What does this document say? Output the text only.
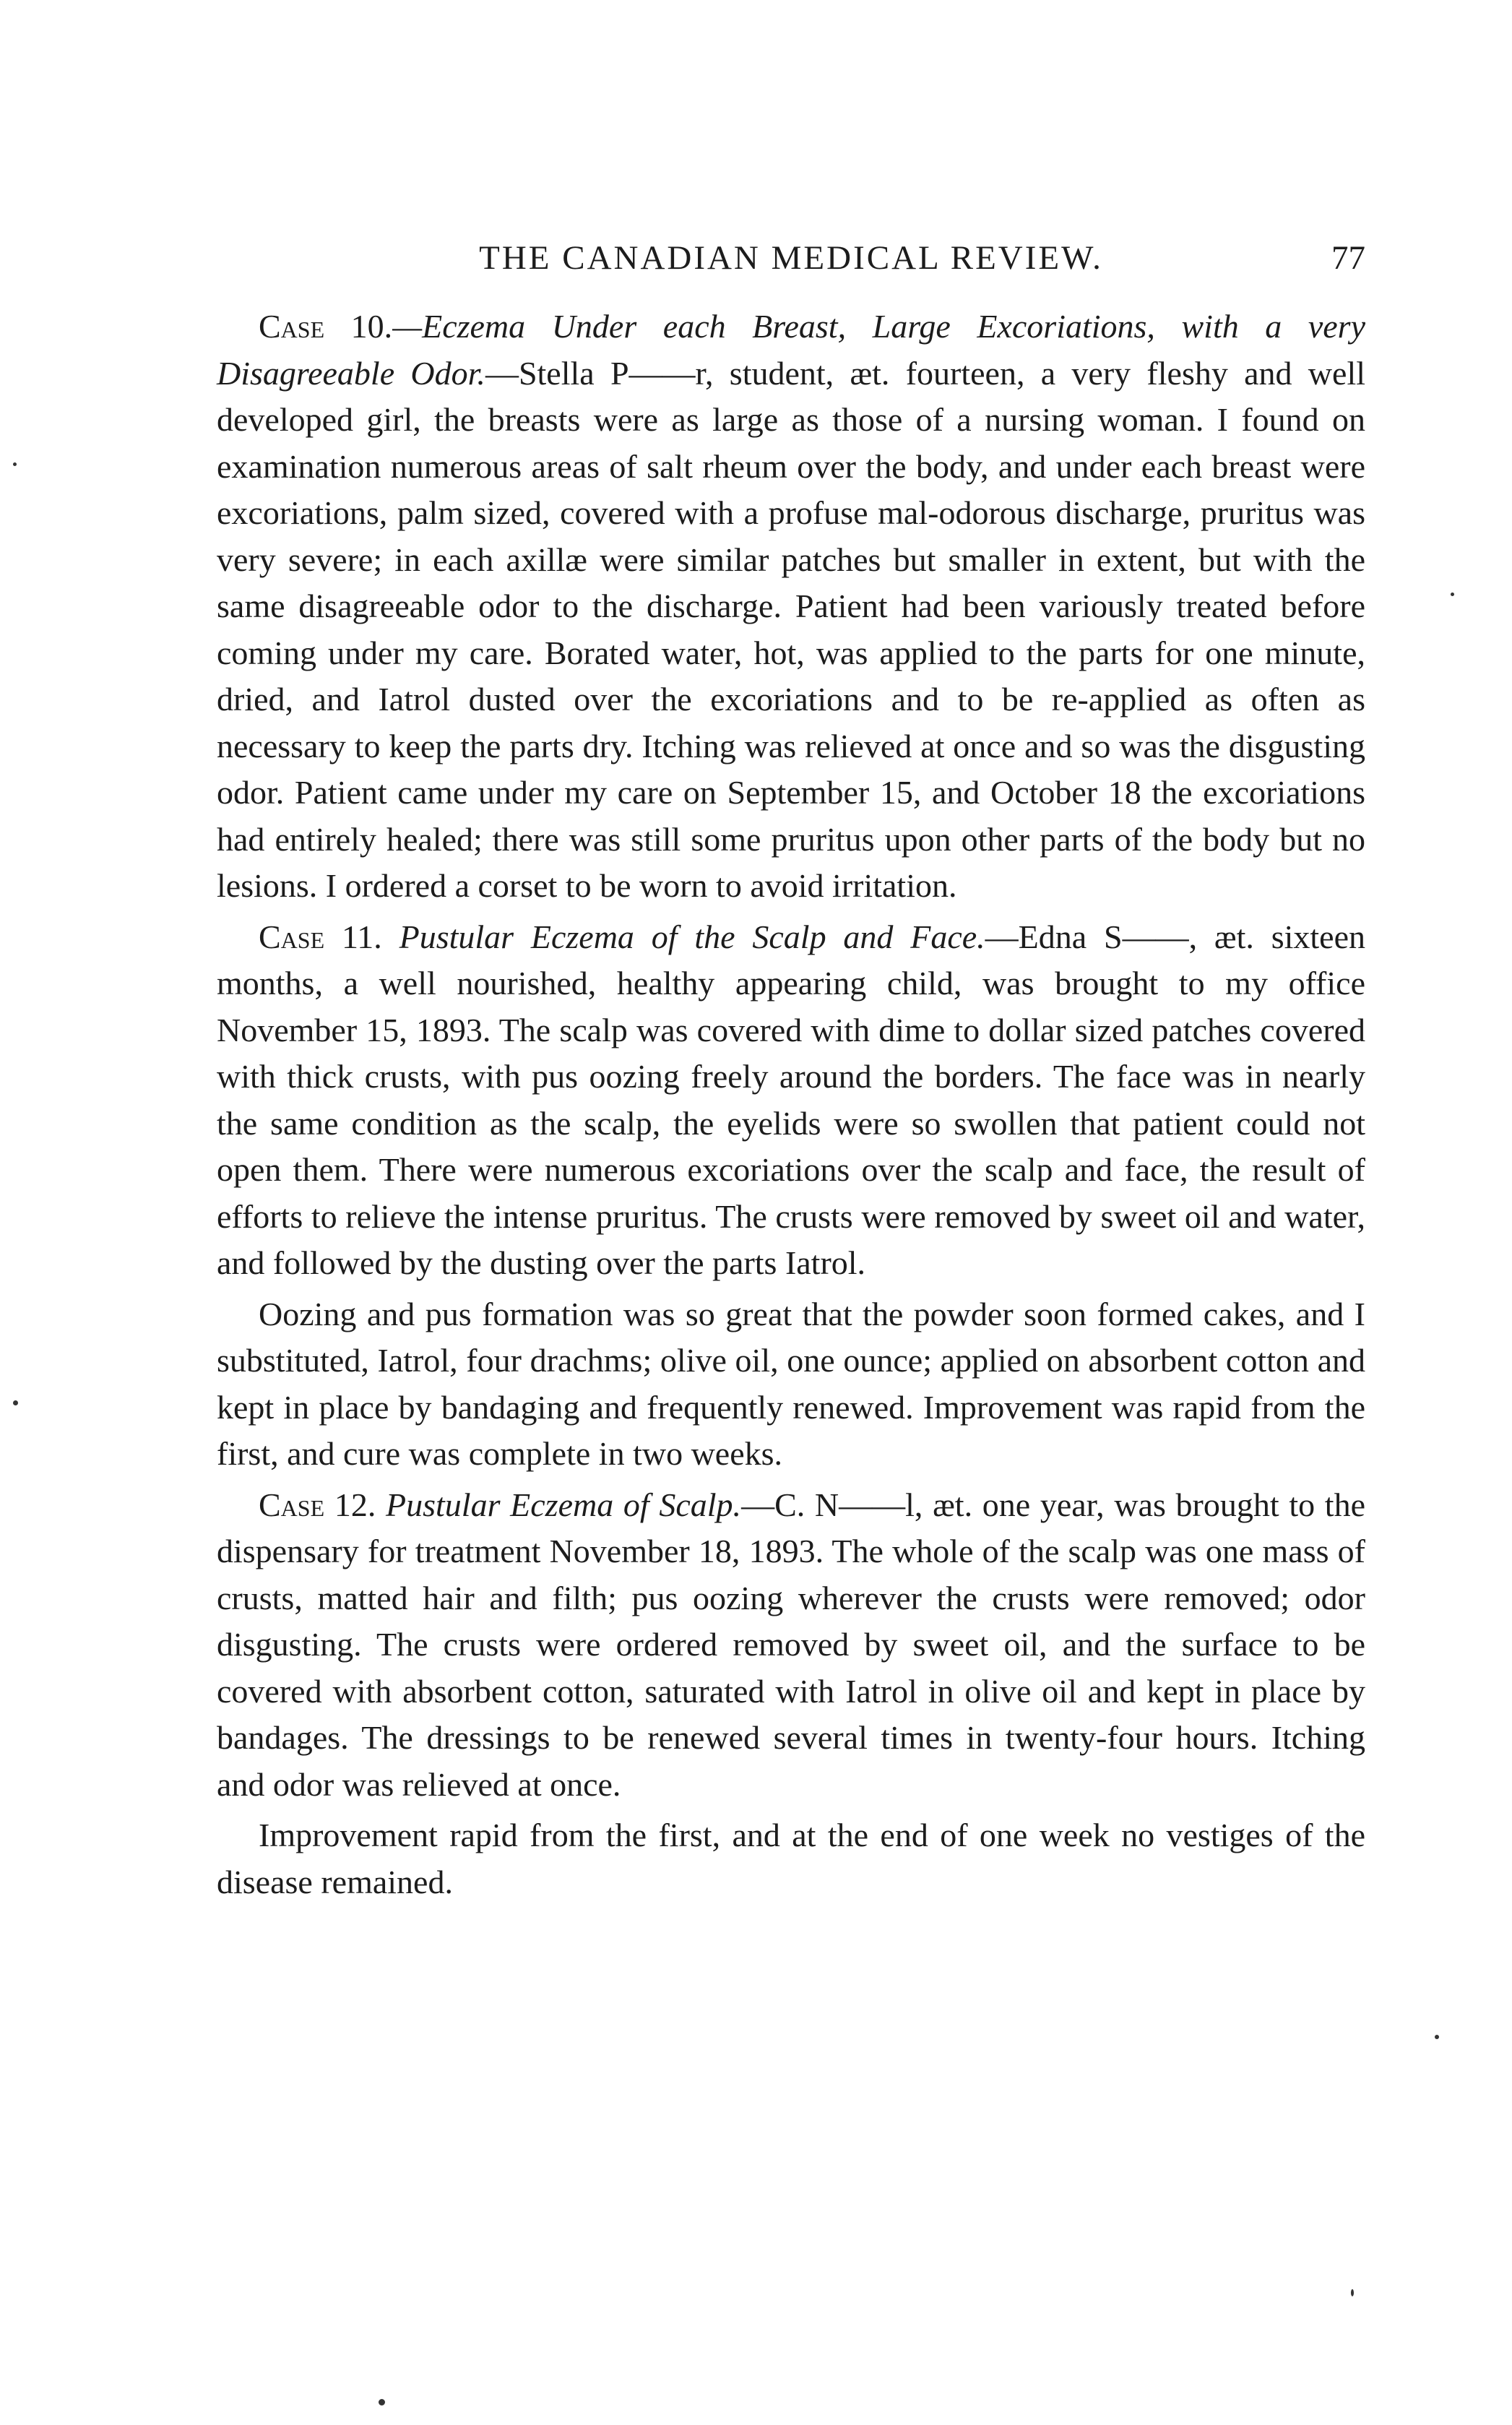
THE CANADIAN MEDICAL REVIEW.	77

Case 10.—Eczema Under each Breast, Large Excoriations, with a very Disagreeable Odor.—Stella P——r, student, æt. fourteen, a very fleshy and well developed girl, the breasts were as large as those of a nursing woman. I found on examination numerous areas of salt rheum over the body, and under each breast were excoriations, palm sized, covered with a profuse mal-odorous discharge, pruritus was very severe; in each axillæ were similar patches but smaller in extent, but with the same disagreeable odor to the discharge. Patient had been variously treated before coming under my care. Borated water, hot, was applied to the parts for one minute, dried, and Iatrol dusted over the excoriations and to be re-applied as often as necessary to keep the parts dry. Itching was relieved at once and so was the disgusting odor. Patient came under my care on September 15, and October 18 the excoriations had entirely healed; there was still some pruritus upon other parts of the body but no lesions. I ordered a corset to be worn to avoid irritation.

Case 11. Pustular Eczema of the Scalp and Face.—Edna S——, æt. sixteen months, a well nourished, healthy appearing child, was brought to my office November 15, 1893. The scalp was covered with dime to dollar sized patches covered with thick crusts, with pus oozing freely around the borders. The face was in nearly the same condition as the scalp, the eyelids were so swollen that patient could not open them. There were numerous excoriations over the scalp and face, the result of efforts to relieve the intense pruritus. The crusts were removed by sweet oil and water, and followed by the dusting over the parts Iatrol.

Oozing and pus formation was so great that the powder soon formed cakes, and I substituted, Iatrol, four drachms; olive oil, one ounce; applied on absorbent cotton and kept in place by bandaging and frequently renewed. Improvement was rapid from the first, and cure was complete in two weeks.

Case 12. Pustular Eczema of Scalp.—C. N——l, æt. one year, was brought to the dispensary for treatment November 18, 1893. The whole of the scalp was one mass of crusts, matted hair and filth; pus oozing wherever the crusts were removed; odor disgusting. The crusts were ordered removed by sweet oil, and the surface to be covered with absorbent cotton, saturated with Iatrol in olive oil and kept in place by bandages. The dressings to be renewed several times in twenty-four hours. Itching and odor was relieved at once.

Improvement rapid from the first, and at the end of one week no vestiges of the disease remained.
